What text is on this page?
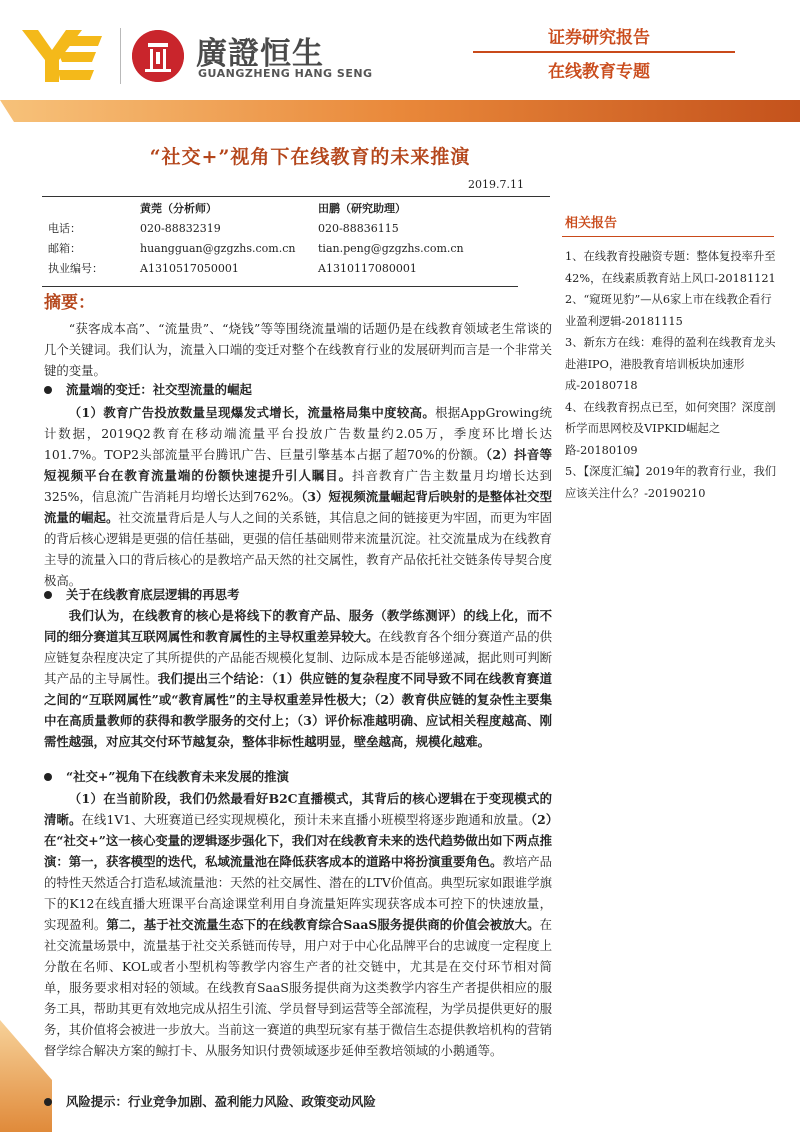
廣證恒生
GUANGZHENG HANG SENG
证券研究报告
在线教育专题
“社交+”视角下在线教育的未来推演
2019.7.11
	黄莞（分析师）	田鹏（研究助理）
电话：	020-88832319	020-88836115
邮箱：	huangguan@gzgzhs.com.cn	tian.peng@gzgzhs.com.cn
执业编号：	A1310517050001	A1310117080001
摘要：

“获客成本高”、“流量贵”、“烧钱”等等围绕流量端的话题仍是在线教育领域老生常谈的几个关键词。我们认为，流量入口端的变迁对整个在线教育行业的发展研判而言是一个非常关键的变量。

流量端的变迁：社交型流量的崛起

（1）教育广告投放数量呈现爆发式增长，流量格局集中度较高。根据AppGrowing统计数据，2019Q2教育在移动端流量平台投放广告数量约2.05万，季度环比增长达101.7%。TOP2头部流量平台腾讯广告、巨量引擎基本占据了超70%的份额。（2）抖音等短视频平台在教育流量端的份额快速提升引人瞩目。抖音教育广告主数量月均增长达到325%，信息流广告消耗月均增长达到762%。（3）短视频流量崛起背后映射的是整体社交型流量的崛起。社交流量背后是人与人之间的关系链，其信息之间的链接更为牢固，而更为牢固的背后核心逻辑是更强的信任基础，更强的信任基础则带来流量沉淀。社交流量成为在线教育主导的流量入口的背后核心的是教培产品天然的社交属性，教育产品依托社交链条传导契合度极高。

关于在线教育底层逻辑的再思考

我们认为，在线教育的核心是将线下的教育产品、服务（教学练测评）的线上化，而不同的细分赛道其互联网属性和教育属性的主导权重差异较大。在线教育各个细分赛道产品的供应链复杂程度决定了其所提供的产品能否规模化复制、边际成本是否能够递减，据此则可判断其产品的主导属性。我们提出三个结论：（1）供应链的复杂程度不同导致不同在线教育赛道之间的“互联网属性”或“教育属性”的主导权重差异性极大；（2）教育供应链的复杂性主要集中在高质量教师的获得和教学服务的交付上；（3）评价标准越明确、应试相关程度越高、刚需性越强，对应其交付环节越复杂，整体非标性越明显，壁垒越高，规模化越难。

“社交+”视角下在线教育未来发展的推演

（1）在当前阶段，我们仍然最看好B2C直播模式，其背后的核心逻辑在于变现模式的清晰。在线1V1、大班赛道已经实现规模化，预计未来直播小班模型将逐步跑通和放量。（2）在“社交+”这一核心变量的逻辑逐步强化下，我们对在线教育未来的迭代趋势做出如下两点推演：第一，获客模型的迭代，私域流量池在降低获客成本的道路中将扮演重要角色。教培产品的特性天然适合打造私域流量池：天然的社交属性、潜在的LTV价值高。典型玩家如跟谁学旗下的K12在线直播大班课平台高途课堂利用自身流量矩阵实现获客成本可控下的快速放量，实现盈利。第二，基于社交流量生态下的在线教育综合SaaS服务提供商的价值会被放大。在社交流量场景中，流量基于社交关系链而传导，用户对于中心化品牌平台的忠诚度一定程度上分散在名师、KOL或者小型机构等教学内容生产者的社交链中，尤其是在交付环节相对简单，服务要求相对轻的领域。在线教育SaaS服务提供商为这类教学内容生产者提供相应的服务工具，帮助其更有效地完成从招生引流、学员督导到运营等全部流程，为学员提供更好的服务，其价值将会被进一步放大。当前这一赛道的典型玩家有基于微信生态提供教培机构的营销督学综合解决方案的鲸打卡、从服务知识付费领域逐步延伸至教培领域的小鹅通等。

风险提示：行业竞争加剧、盈利能力风险、政策变动风险
相关报告
1、在线教育投融资专题：整体复投率升至42%，在线素质教育站上风口-20181121
2、“窥斑见豹”—从6家上市在线教企看行业盈利逻辑-20181115
3、新东方在线：难得的盈利在线教育龙头赴港IPO，港股教育培训板块加速形成-20180718
4、在线教育拐点已至，如何突围？深度剖析学而思网校及VIPKID崛起之路-20180109
5、【深度汇编】2019年的教育行业，我们应该关注什么？-20190210
